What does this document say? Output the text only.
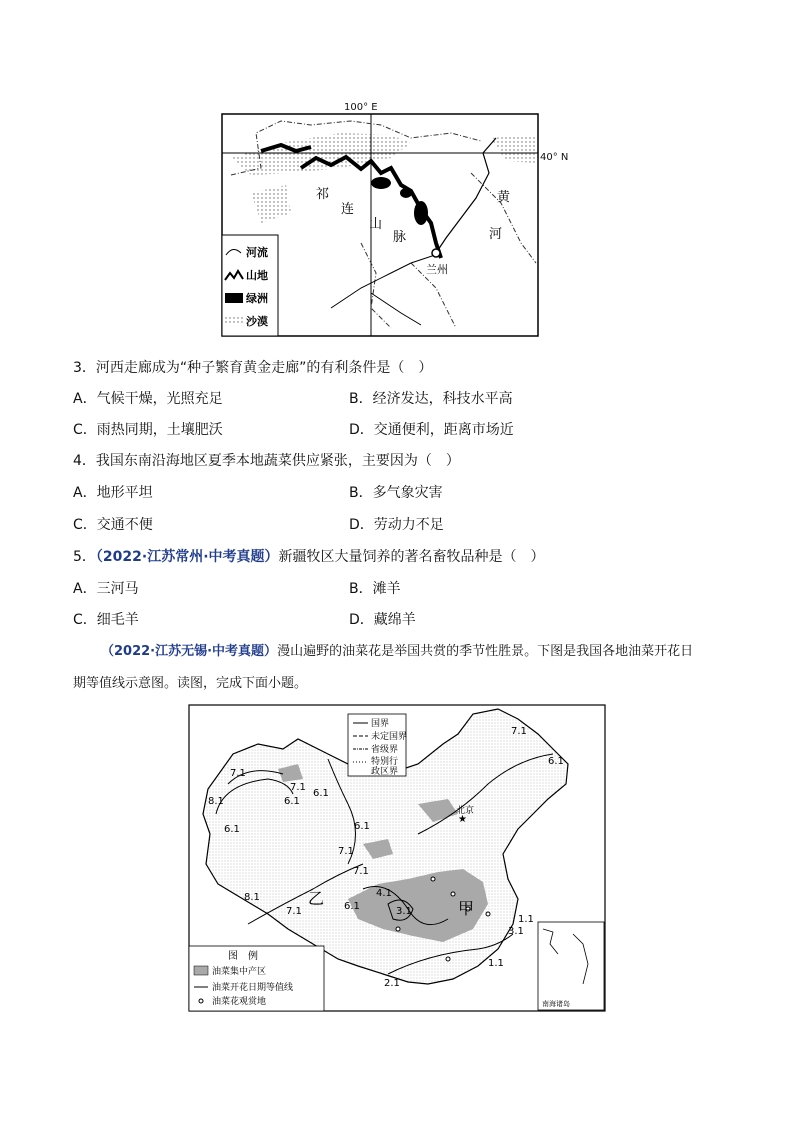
祁
连
山
脉
黄
河
兰州
河流
山地
绿洲
沙漠
100° E
40° N
3．河西走廊成为“种子繁育黄金走廊”的有利条件是（　）
A．气候干燥，光照充足	B．经济发达，科技水平高
C．雨热同期，土壤肥沃	D．交通便利，距离市场近
4．我国东南沿海地区夏季本地蔬菜供应紧张，主要因为（　）
A．地形平坦	B．多气象灾害
C．交通不便	D．劳动力不足
5．（2022·江苏常州·中考真题）新疆牧区大量饲养的著名畜牧品种是（　）
A．三河马	B．滩羊
C．细毛羊	D．藏绵羊
（2022·江苏无锡·中考真题）漫山遍野的油菜花是举国共赏的季节性胜景。下图是我国各地油菜开花日
期等值线示意图。读图，完成下面小题。
★
北京
7.1
6.1
8.1
7.1
6.1
6.1
7.1
6.1
7.1
7.1
6.1
8.1
7.1	6.1
4.1
3.1
3.1
1.1
2.1
1.1
乙
甲
国界
未定国界
省级界
特别行
政区界
图　例
油菜集中产区
油菜开花日期等值线
油菜花观赏地	南海诸岛
